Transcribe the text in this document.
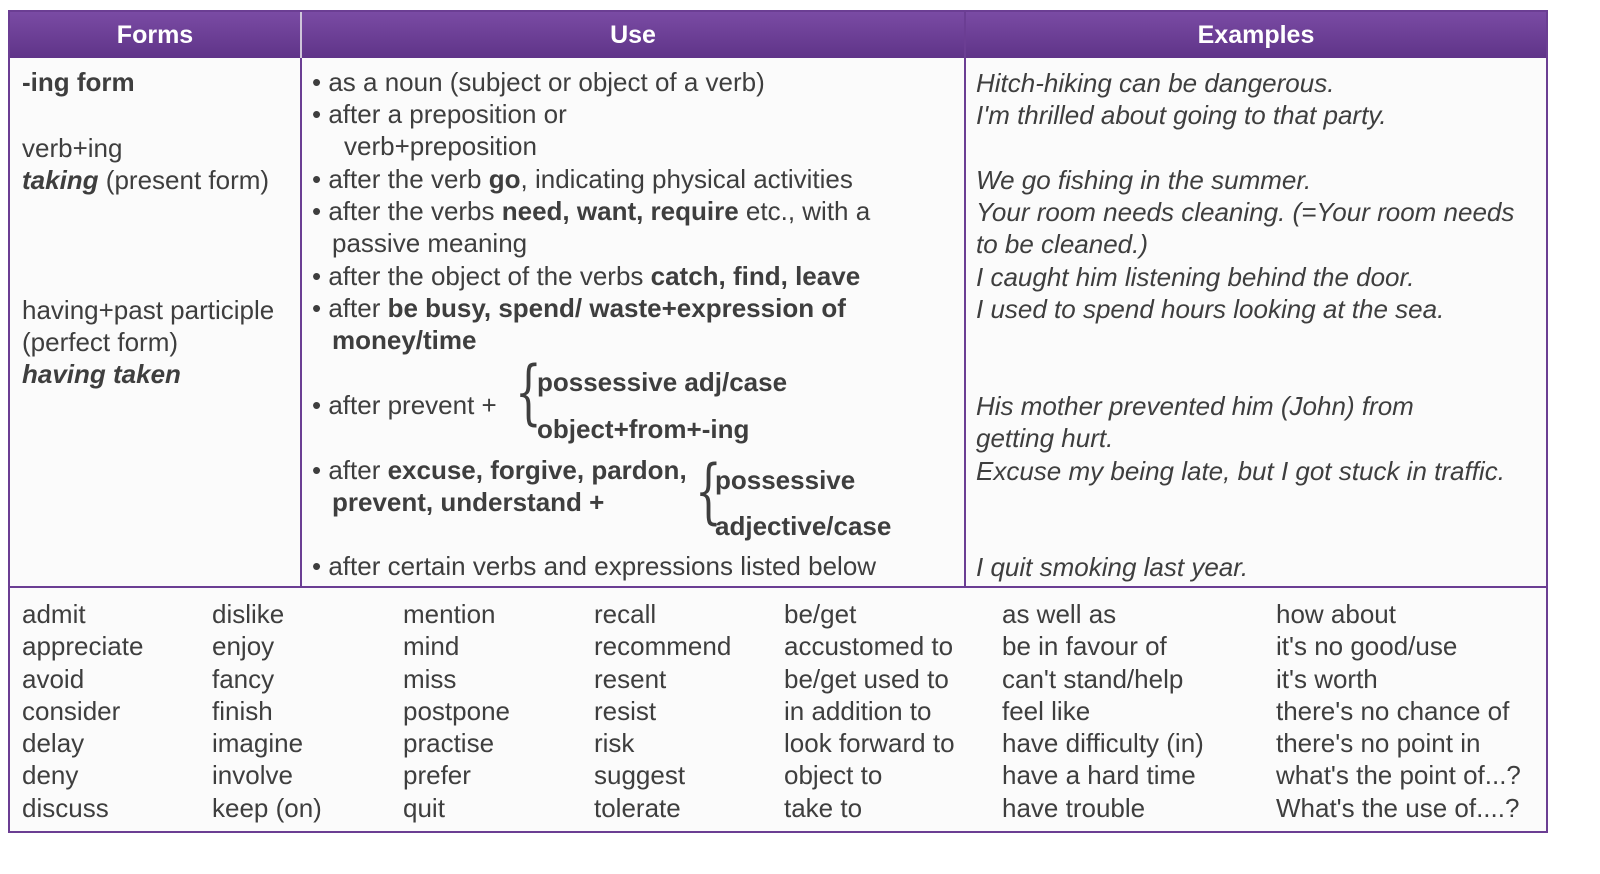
Forms	Use	Examples
-ing form
verb+ing
taking (present form)
having+past participle
(perfect form)
having taken
• as a noun (subject or object of a verb)
• after a preposition or
verb+preposition
• after the verb go, indicating physical activities
• after the verbs need, want, require etc., with a
passive meaning
• after the object of the verbs catch, find, leave
• after be busy, spend/ waste+expression of
money/time
• after prevent + {
possessive adj/case
object+from+-ing
• after excuse, forgive, pardon,
prevent, understand + {
possessive
adjective/case
• after certain verbs and expressions listed below
Hitch-hiking can be dangerous.
I'm thrilled about going to that party.
We go fishing in the summer.
Your room needs cleaning. (=Your room needs
to be cleaned.)
I caught him listening behind the door.
I used to spend hours looking at the sea.
His mother prevented him (John) from
getting hurt.
Excuse my being late, but I got stuck in traffic.
I quit smoking last year.
admit
appreciate
avoid
consider
delay
deny
discuss
dislike
enjoy
fancy
finish
imagine
involve
keep (on)
mention
mind
miss
postpone
practise
prefer
quit
recall
recommend
resent
resist
risk
suggest
tolerate
be/get
accustomed to
be/get used to
in addition to
look forward to
object to
take to
as well as
be in favour of
can't stand/help
feel like
have difficulty (in)
have a hard time
have trouble
how about
it's no good/use
it's worth
there's no chance of
there's no point in
what's the point of...?
What's the use of....?
